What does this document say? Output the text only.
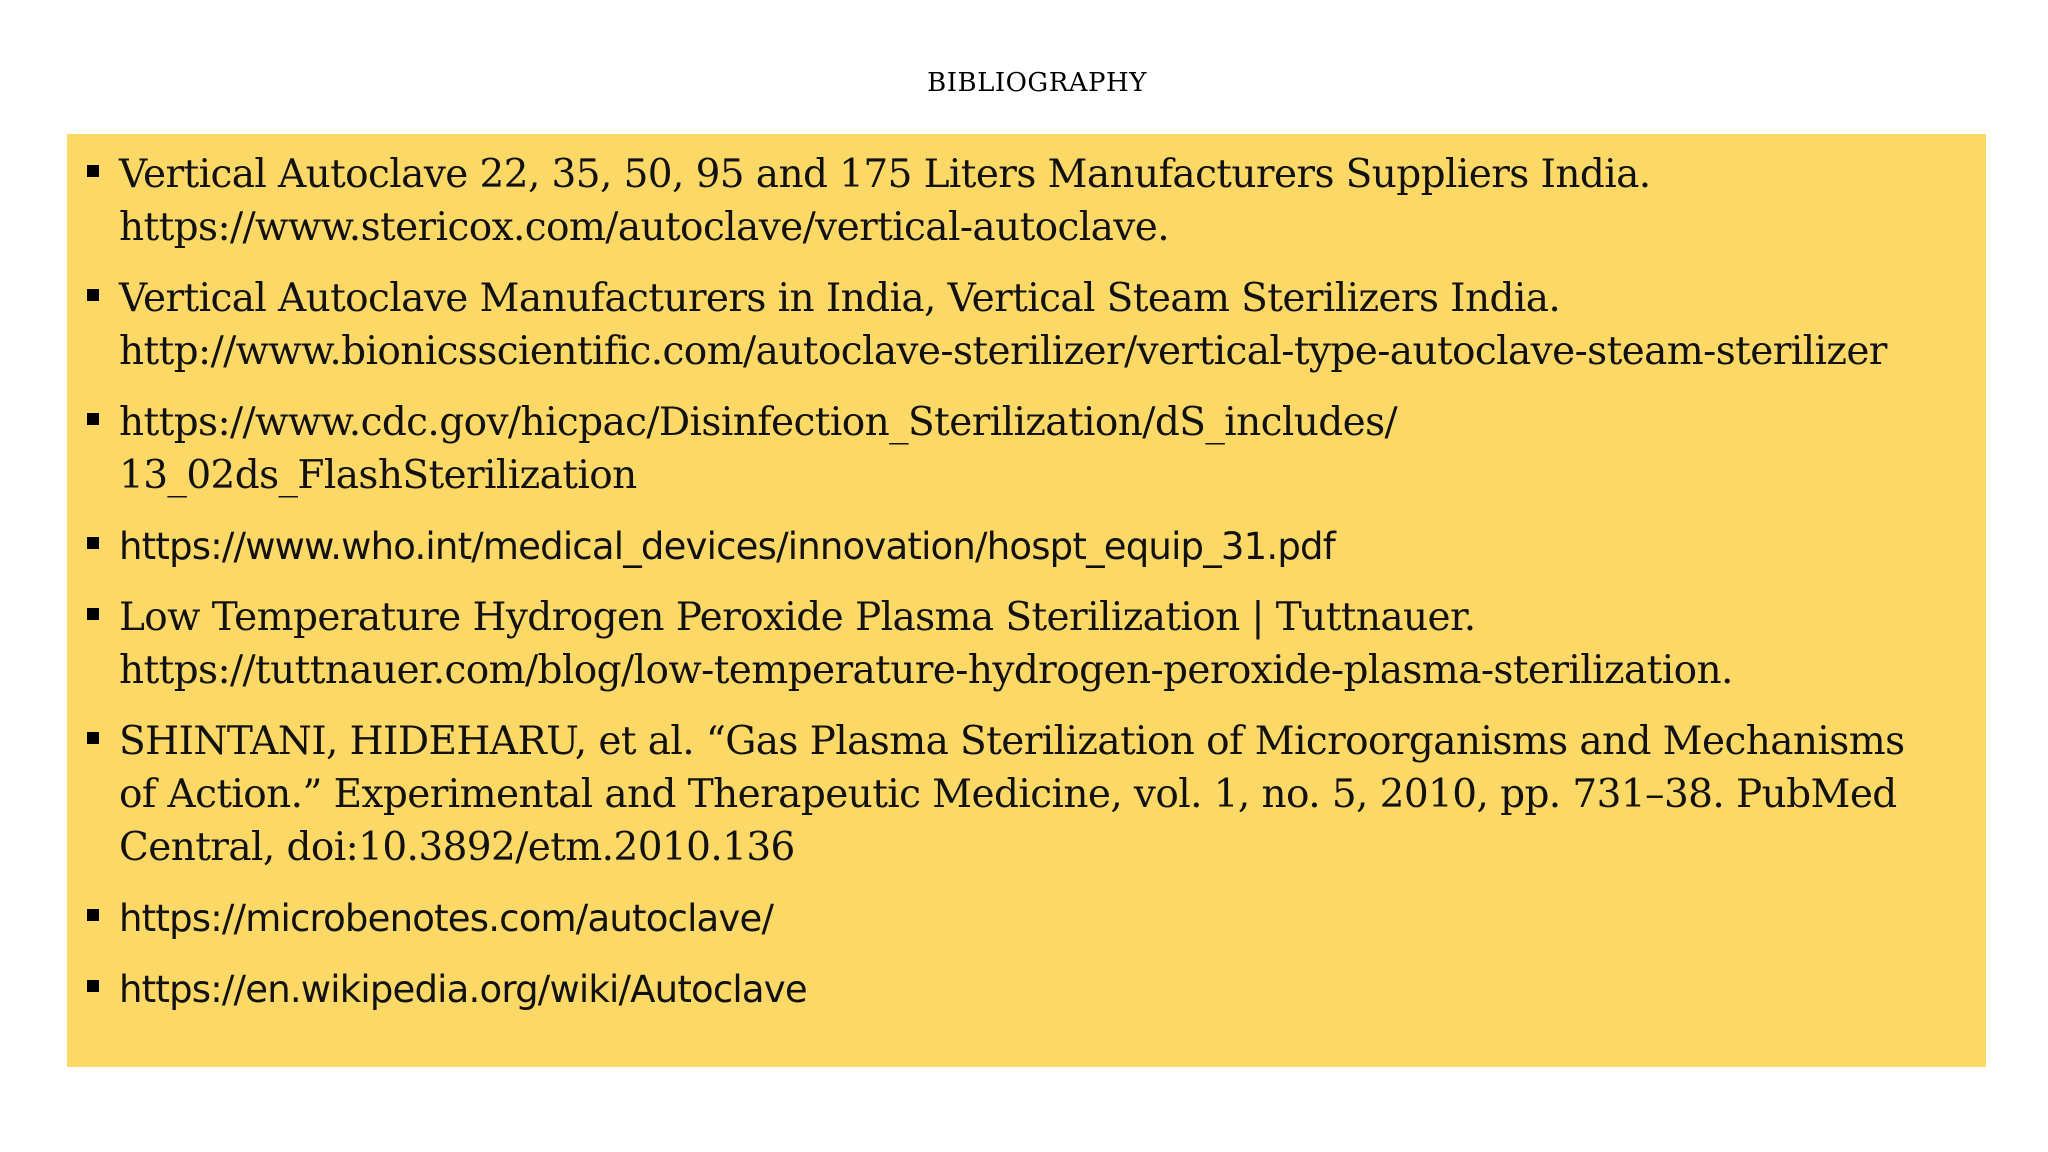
BIBLIOGRAPHY
Vertical Autoclave 22, 35, 50, 95 and 175 Liters Manufacturers Suppliers India.
https://www.stericox.com/autoclave/vertical-autoclave.
Vertical Autoclave Manufacturers in India, Vertical Steam Sterilizers India.
http://www.bionicsscientific.com/autoclave-sterilizer/vertical-type-autoclave-steam-sterilizer
https://www.cdc.gov/hicpac/Disinfection_Sterilization/dS_includes/
13_02ds_FlashSterilization
https://www.who.int/medical_devices/innovation/hospt_equip_31.pdf
Low Temperature Hydrogen Peroxide Plasma Sterilization | Tuttnauer.
https://tuttnauer.com/blog/low-temperature-hydrogen-peroxide-plasma-sterilization.
SHINTANI, HIDEHARU, et al. “Gas Plasma Sterilization of Microorganisms and Mechanisms
of Action.” Experimental and Therapeutic Medicine, vol. 1, no. 5, 2010, pp. 731–38. PubMed
Central, doi:10.3892/etm.2010.136
https://microbenotes.com/autoclave/
https://en.wikipedia.org/wiki/Autoclave
